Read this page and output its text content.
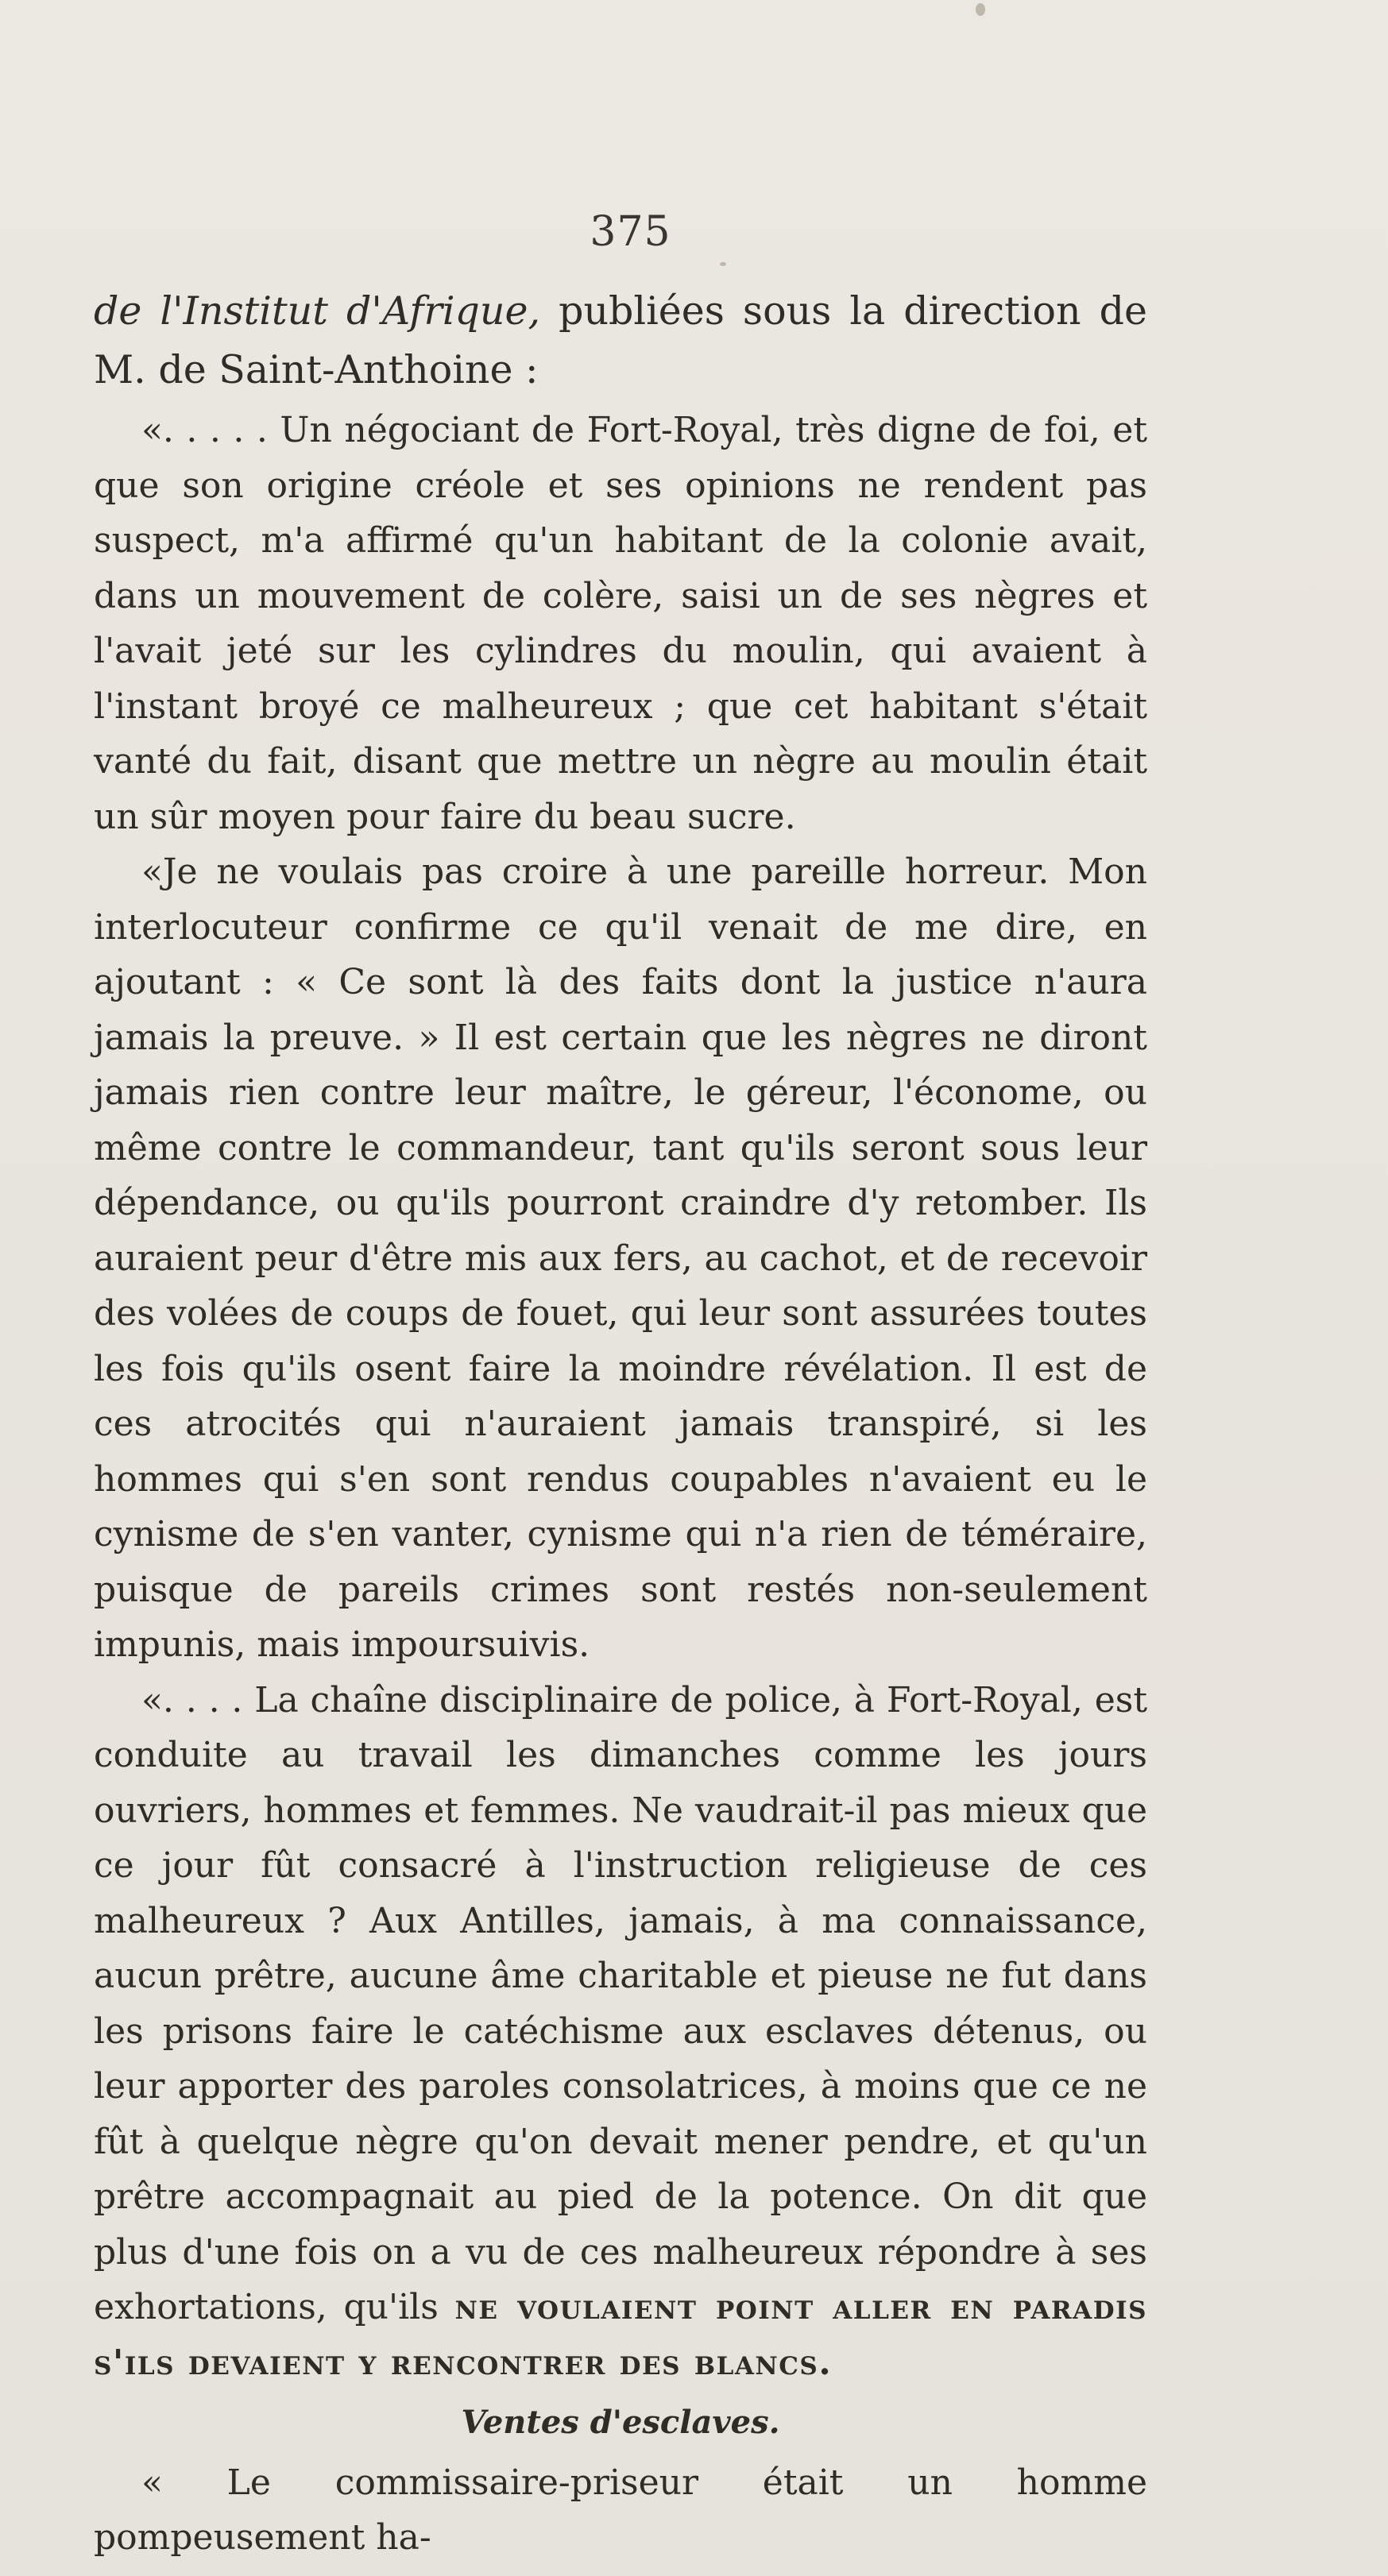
375

de l'Institut d'Afrique, publiées sous la direction de M. de Saint-Anthoine :

«. . . . . Un négociant de Fort-Royal, très digne de foi, et que son origine créole et ses opinions ne rendent pas suspect, m'a affirmé qu'un habitant de la colonie avait, dans un mouvement de colère, saisi un de ses nègres et l'avait jeté sur les cylindres du moulin, qui avaient à l'instant broyé ce malheureux ; que cet habitant s'était vanté du fait, disant que mettre un nègre au moulin était un sûr moyen pour faire du beau sucre.

«Je ne voulais pas croire à une pareille horreur. Mon interlocuteur confirme ce qu'il venait de me dire, en ajoutant : « Ce sont là des faits dont la justice n'aura jamais la preuve. » Il est certain que les nègres ne diront jamais rien contre leur maître, le géreur, l'économe, ou même contre le commandeur, tant qu'ils seront sous leur dépendance, ou qu'ils pourront craindre d'y retomber. Ils auraient peur d'être mis aux fers, au cachot, et de recevoir des volées de coups de fouet, qui leur sont assurées toutes les fois qu'ils osent faire la moindre révélation. Il est de ces atrocités qui n'auraient jamais transpiré, si les hommes qui s'en sont rendus coupables n'avaient eu le cynisme de s'en vanter, cynisme qui n'a rien de téméraire, puisque de pareils crimes sont restés non-seulement impunis, mais impoursuivis.

«. . . . La chaîne disciplinaire de police, à Fort-Royal, est conduite au travail les dimanches comme les jours ouvriers, hommes et femmes. Ne vaudrait-il pas mieux que ce jour fût consacré à l'instruction religieuse de ces malheureux ? Aux Antilles, jamais, à ma connaissance, aucun prêtre, aucune âme charitable et pieuse ne fut dans les prisons faire le catéchisme aux esclaves détenus, ou leur apporter des paroles consolatrices, à moins que ce ne fût à quelque nègre qu'on devait mener pendre, et qu'un prêtre accompagnait au pied de la potence. On dit que plus d'une fois on a vu de ces malheureux répondre à ses exhortations, qu'ils ne voulaient point aller en paradis s'ils devaient y rencontrer des blancs.

Ventes d'esclaves.

« Le commissaire-priseur était un homme pompeusement ha-
